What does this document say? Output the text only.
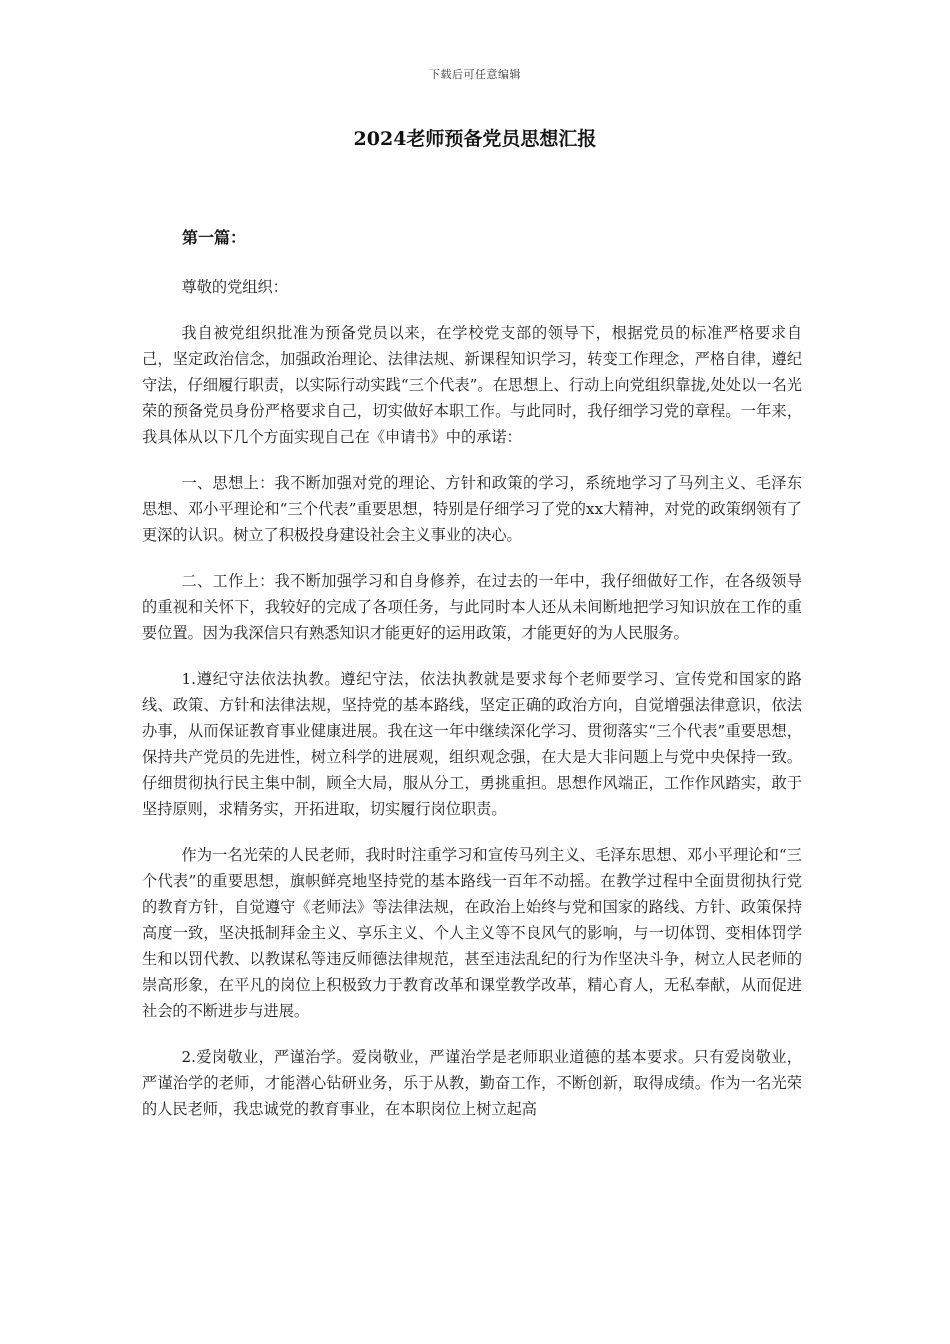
下载后可任意编辑
2024老师预备党员思想汇报
第一篇：

尊敬的党组织：

我自被党组织批准为预备党员以来，在学校党支部的领导下，根据党员的标准严格要求自己，坚定政治信念，加强政治理论、法律法规、新课程知识学习，转变工作理念，严格自律，遵纪守法，仔细履行职责，以实际行动实践“三个代表”。在思想上、行动上向党组织靠拢,处处以一名光荣的预备党员身份严格要求自己，切实做好本职工作。与此同时，我仔细学习党的章程。一年来，我具体从以下几个方面实现自己在《申请书》中的承诺：

一、思想上：我不断加强对党的理论、方针和政策的学习，系统地学习了马列主义、毛泽东思想、邓小平理论和“三个代表”重要思想，特别是仔细学习了党的xx大精神，对党的政策纲领有了更深的认识。树立了积极投身建设社会主义事业的决心。

二、工作上：我不断加强学习和自身修养，在过去的一年中，我仔细做好工作，在各级领导的重视和关怀下，我较好的完成了各项任务，与此同时本人还从未间断地把学习知识放在工作的重要位置。因为我深信只有熟悉知识才能更好的运用政策，才能更好的为人民服务。

1.遵纪守法依法执教。遵纪守法，依法执教就是要求每个老师要学习、宣传党和国家的路线、政策、方针和法律法规，坚持党的基本路线，坚定正确的政治方向，自觉增强法律意识，依法办事，从而保证教育事业健康进展。我在这一年中继续深化学习、贯彻落实“三个代表”重要思想，保持共产党员的先进性，树立科学的进展观，组织观念强，在大是大非问题上与党中央保持一致。仔细贯彻执行民主集中制，顾全大局，服从分工，勇挑重担。思想作风端正，工作作风踏实，敢于坚持原则，求精务实，开拓进取，切实履行岗位职责。

作为一名光荣的人民老师，我时时注重学习和宣传马列主义、毛泽东思想、邓小平理论和“三个代表”的重要思想，旗帜鲜亮地坚持党的基本路线一百年不动摇。在教学过程中全面贯彻执行党的教育方针，自觉遵守《老师法》等法律法规，在政治上始终与党和国家的路线、方针、政策保持高度一致，坚决抵制拜金主义、享乐主义、个人主义等不良风气的影响，与一切体罚、变相体罚学生和以罚代教、以教谋私等违反师德法律规范，甚至违法乱纪的行为作坚决斗争，树立人民老师的崇高形象，在平凡的岗位上积极致力于教育改革和课堂教学改革，精心育人，无私奉献，从而促进社会的不断进步与进展。

2.爱岗敬业，严谨治学。爱岗敬业，严谨治学是老师职业道德的基本要求。只有爱岗敬业，严谨治学的老师，才能潜心钻研业务，乐于从教，勤奋工作，不断创新，取得成绩。作为一名光荣的人民老师，我忠诚党的教育事业，在本职岗位上树立起高
